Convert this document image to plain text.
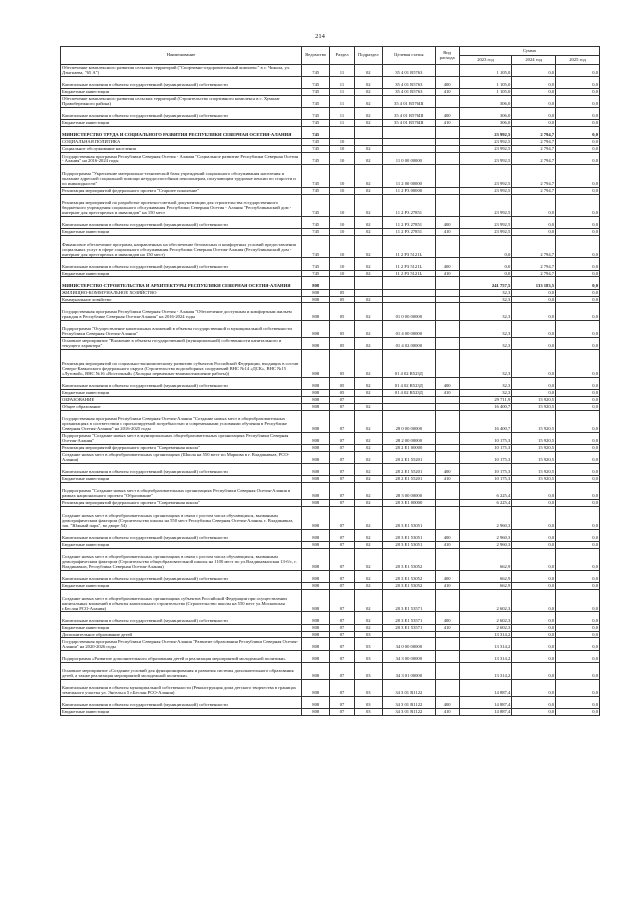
214
Наименование	Ведомство	Раздел	Подраздел	Целевая статья	Вид расхода	Сумма		
						2023 год	2024 год	2025 год
Обеспечение комплексного развития сельских территорий ("Спортивно-оздоровительный комплекс" в с. Чикола, ул. Дзыгкаева, "65 А")	745	11	02	35 4 01 R5763		1 105,0	0,0	0,0
Капитальные вложения в объекты государственной (муниципальной) собственности	745	11	02	35 4 01 R5763	400	1 105,0	0,0	0,0
Бюджетные инвестиции	745	11	02	35 4 01 R5763	410	1 105,0	0,0	0,0
Обеспечение комплексного развития сельских территорий (Строительство спортивного комплекса в с. Хумалаг Правобережного района)	745	11	02	35 4 01 R576Ш		306,0	0,0	0,0
Капитальные вложения в объекты государственной (муниципальной) собственности	745	11	02	35 4 01 R576Ш	400	306,0	0,0	0,0
Бюджетные инвестиции	745	11	02	35 4 01 R576Ш	410	306,0	0,0	0,0
МИНИСТЕРСТВО ТРУДА И СОЦИАЛЬНОГО РАЗВИТИЯ РЕСПУБЛИКИ СЕВЕРНАЯ ОСЕТИЯ-АЛАНИЯ	745					23 992,5	2 794,7	0,0
СОЦИАЛЬНАЯ ПОЛИТИКА	745	10				23 992,5	2 794,7	0,0
Социальное обслуживание населения	745	10	02			23 992,5	2 794,7	0,0
Государственная программа Республики Северная Осетия - Алания "Социальное развитие Республики Северная Осетия - Алания" на 2016-2024 годы	745	10	02	11 0 00 00000		23 992,5	2 794,7	0,0
Подпрограмма "Укрепление материально-технической базы учреждений социального обслуживания населения и оказание адресной социальной помощи нетрудоспособным пенсионерам, получающим трудовые пенсии по старости и по инвалидности"	745	10	02	11 2 00 00000		23 992,5	2 794,7	0,0
Реализация мероприятий федерального проекта "Старшее поколение"	745	10	02	11 2 P3 00000		23 992,5	2 794,7	0,0
Реализация мероприятий по разработке проектно-сметной документации для строительства государственного бюджетного учреждения социального обслуживания Республики Северная Осетия - Алания "Республиканский дом - интернат для престарелых и инвалидов" на 150 мест	745	10	02	11 2 P3 27851		23 992,5	0,0	0,0
Капитальные вложения в объекты государственной (муниципальной) собственности	745	10	02	11 2 P3 27851	400	23 992,5	0,0	0,0
Бюджетные инвестиции	745	10	02	11 2 P3 27851	410	23 992,5	0,0	0,0
Финансовое обеспечение программ, направленных на обеспечение безопасных и комфортных условий предоставления социальных услуг в сфере социального обслуживания Республики Северная Осетия-Алания (Республиканский дом - интернат для престарелых и инвалидов на 150 мест)	745	10	02	11 2 P3 5121L		0,0	2 794,7	0,0
Капитальные вложения в объекты государственной (муниципальной) собственности	745	10	02	11 2 P3 5121L	400	0,0	2 794,7	0,0
Бюджетные инвестиции	745	10	02	11 2 P3 5121L	410	0,0	2 794,7	0,0
МИНИСТЕРСТВО СТРОИТЕЛЬСТВА И АРХИТЕКТУРЫ РЕСПУБЛИКИ СЕВЕРНАЯ ОСЕТИЯ-АЛАНИЯ	808					241 757,5	133 183,5	0,0
ЖИЛИЩНО-КОММУНАЛЬНОЕ ХОЗЯЙСТВО	808	05				32,3	0,0	0,0
Коммунальное хозяйство	808	05	02			32,3	0,0	0,0
Государственная программа Республики Северная Осетия - Алания "Обеспечение доступным и комфортным жильем граждан в Республике Северная Осетия-Алания" на 2016-2024 годы	808	05	02	01 0 00 00000		32,3	0,0	0,0
Подпрограмма "Осуществление капитальных вложений в объекты государственной и муниципальной собственности Республики Северная Осетия-Алания"	808	05	02	01 4 00 00000		32,3	0,0	0,0
Основное мероприятие "Вложение в объекты государственной (муниципальной) собственности капитального и текущего характера"	808	05	02	01 4 02 00000		32,3	0,0	0,0
Реализация мероприятий по социально-экономическому развитию субъектов Российской Федерации, входящих в состав Северо-Кавказского федерального округа (Строительство водозаборных сооружений ВНС №14 «ДСК», ВНС №15 «Луговой», ВНС №16 «Восточный» (Холодка первичных-взаимоотношение работы))	808	05	02	01 4 02 R523Д		32,3	0,0	0,0
Капитальные вложения в объекты государственной (муниципальной) собственности	808	05	02	01 4 02 R523Д	400	32,3	0,0	0,0
Бюджетные инвестиции	808	05	02	01 4 02 R523Д	410	32,3	0,0	0,0
ОБРАЗОВАНИЕ	808	07				29 711,9	15 920,5	0,0
Общее образование	808	07	02			16 400,7	15 920,5	0,0
Государственная программа Республики Северная Осетия-Алания "Создание новых мест в общеобразовательных организациях в соответствии с прогнозируемой потребностью и современными условиями обучения в Республике Северная Осетия-Алания" на 2016-2025 годы	808	07	02	28 0 00 00000		16 400,7	15 920,5	0,0
Подпрограмма "Создание новых мест в муниципальных общеобразовательных организациях Республики Северная Осетия-Алания"	808	07	02	28 2 00 00000		10 175,3	15 920,5	0,0
Реализация мероприятий федерального проекта "Современная школа"	808	07	02	28 2 E1 00000		10 175,3	15 920,5	0,0
Создание новых мест в общеобразовательных организациях (Школа на 550 мест по Маркова в г. Владикавказ, РСО-Алания)	808	07	02	28 2 E1 55201		10 175,3	15 920,5	0,0
Капитальные вложения в объекты государственной (муниципальной) собственности	808	07	02	28 2 E1 55201	400	10 175,3	15 920,5	0,0
Бюджетные инвестиции	808	07	02	28 2 E1 55201	410	10 175,3	15 920,5	0,0
Подпрограмма "Создание новых мест в общеобразовательных организациях Республики Северная Осетия-Алания в рамках национального проекта "Образование"	808	07	02	28 3 00 00000		6 225,4	0,0	0,0
Реализация мероприятий федерального проекта "Современная школа"	808	07	02	28 3 E1 00000		6 225,4	0,0	0,0
Создание новых мест в общеобразовательных организациях в связи с ростом числа обучающихся, вызванным демографическим фактором (Строительство школы на 550 мест Республика Северная Осетия-Алания, г. Владикавказ, зап. "Южный парк", во дворе 54)	808	07	02	28 3 E1 53051		2 960,3	0,0	0,0
Капитальные вложения в объекты государственной (муниципальной) собственности	808	07	02	28 3 E1 53051	400	2 960,3	0,0	0,0
Бюджетные инвестиции	808	07	02	28 3 E1 53051	410	2 960,3	0,0	0,0
Создание новых мест в общеобразовательных организациях в связи с ростом числа обучающихся, вызванным демографическим фактором (Строительство общеобразовательной школы на 1100 мест по ул.Владикавказская 13-б/с, г. Владикавказ, Республика Северная Осетия-Алания)	808	07	02	28 3 E1 53052		662,9	0,0	0,0
Капитальные вложения в объекты государственной (муниципальной) собственности	808	07	02	28 3 E1 53052	400	662,9	0,0	0,0
Бюджетные инвестиции	808	07	02	28 3 E1 53052	410	662,9	0,0	0,0
Создание новых мест в общеобразовательных организациях субъектов Российской Федерации при осуществлении капитальных вложений в объекты капитального строительства (Строительство школы на 550 мест ул.Московская г.Беслан РСО-Алания)	808	07	02	28 3 E1 53571		2 602,3	0,0	0,0
Капитальные вложения в объекты государственной (муниципальной) собственности	808	07	02	28 3 E1 53571	400	2 602,3	0,0	0,0
Бюджетные инвестиции	808	07	02	28 3 E1 53571	410	2 602,3	0,0	0,0
Дополнительное образование детей	808	07	03			13 314,2	0,0	0,0
Государственная программа Республики Северная Осетия-Алания "Развитие образования Республики Северная Осетия-Алания" на 2020-2026 годы	808	07	03	34 0 00 00000		13 314,2	0,0	0,0
Подпрограмма «Развитие дополнительного образования детей и реализация мероприятий молодежной политики»	808	07	03	34 3 00 00000		13 314,2	0,0	0,0
Основное мероприятие «Создание условий для функционирования и развития системы дополнительного образования детей, а также реализация мероприятий молодежной политики»	808	07	03	34 3 01 00000		13 314,2	0,0	0,0
Капитальные вложения в объекты муниципальной собственности (Реконструкция дома детского творчества в границах земельного участка ул. Энгельса 5 г.Беслан РСО-Алания)	808	07	03	34 3 01 R1122		14 887,4	0,0	0,0
Капитальные вложения в объекты государственной (муниципальной) собственности	808	07	03	34 3 01 R1122	400	14 887,4	0,0	0,0
Бюджетные инвестиции	808	07	03	34 3 01 R1122	410	14 887,4	0,0	0,0
